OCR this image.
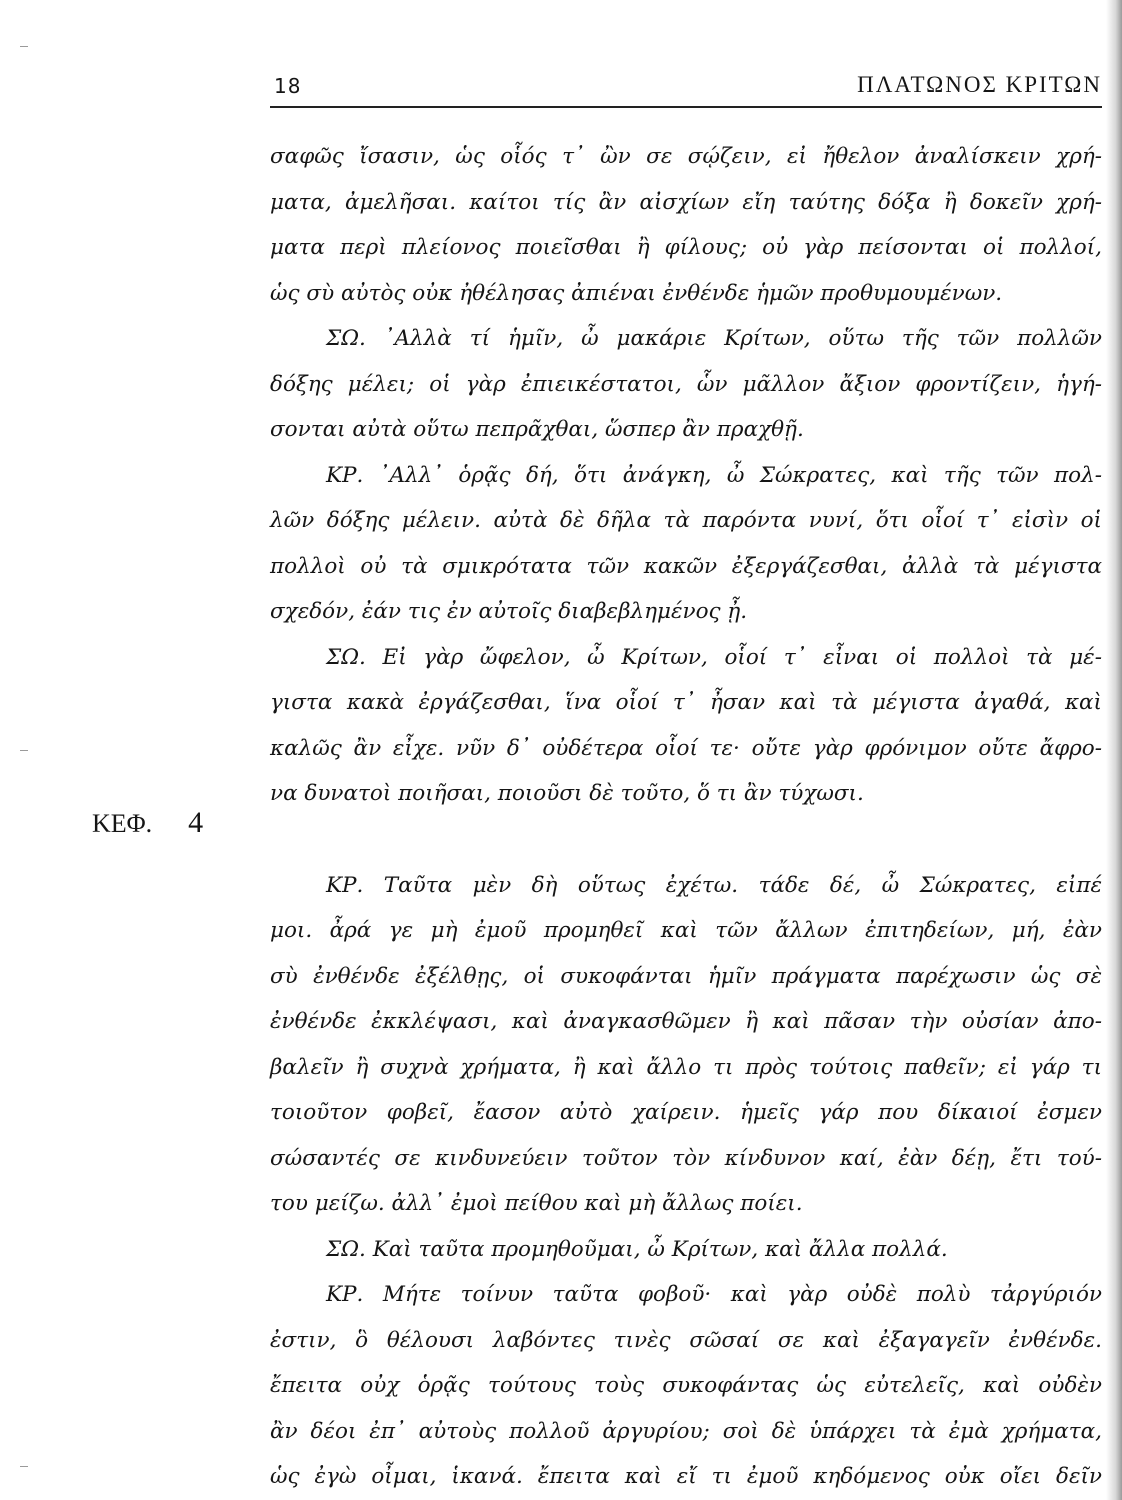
18	ΠΛΑΤΩΝΟΣ ΚΡΙΤΩΝ
ΚΕΦ. 4
σαφῶς ἴσασιν, ὡς οἷός τ᾿ ὢν σε σῴζειν, εἰ ἤθελον ἀναλίσκειν χρή-
ματα, ἀμελῆσαι. καίτοι τίς ἂν αἰσχίων εἴη ταύτης δόξα ἢ δοκεῖν χρή-
ματα περὶ πλείονος ποιεῖσθαι ἢ φίλους; οὐ γὰρ πείσονται οἱ πολλοί,
ὡς σὺ αὐτὸς οὐκ ἠθέλησας ἀπιέναι ἐνθένδε ἡμῶν προθυμουμένων.
ΣΩ. ᾿Αλλὰ τί ἡμῖν, ὦ μακάριε Κρίτων, οὕτω τῆς τῶν πολλῶν
δόξης μέλει; οἱ γὰρ ἐπιεικέστατοι, ὧν μᾶλλον ἄξιον φροντίζειν, ἡγή-
σονται αὐτὰ οὕτω πεπρᾶχθαι, ὥσπερ ἂν πραχθῇ.
ΚΡ. ᾿Αλλ᾿ ὁρᾷς δή, ὅτι ἀνάγκη, ὦ Σώκρατες, καὶ τῆς τῶν πολ-
λῶν δόξης μέλειν. αὐτὰ δὲ δῆλα τὰ παρόντα νυνί, ὅτι οἷοί τ᾿ εἰσὶν οἱ
πολλοὶ οὐ τὰ σμικρότατα τῶν κακῶν ἐξεργάζεσθαι, ἀλλὰ τὰ μέγιστα
σχεδόν, ἐάν τις ἐν αὐτοῖς διαβεβλημένος ᾖ.
ΣΩ. Εἰ γὰρ ὤφελον, ὦ Κρίτων, οἷοί τ᾿ εἶναι οἱ πολλοὶ τὰ μέ-
γιστα κακὰ ἐργάζεσθαι, ἵνα οἷοί τ᾿ ἦσαν καὶ τὰ μέγιστα ἀγαθά, καὶ
καλῶς ἂν εἶχε. νῦν δ᾿ οὐδέτερα οἷοί τε· οὔτε γὰρ φρόνιμον οὔτε ἄφρο-
να δυνατοὶ ποιῆσαι, ποιοῦσι δὲ τοῦτο, ὅ τι ἂν τύχωσι.
ΚΡ. Ταῦτα μὲν δὴ οὕτως ἐχέτω. τάδε δέ, ὦ Σώκρατες, εἰπέ
μοι. ἆρά γε μὴ ἐμοῦ προμηθεῖ καὶ τῶν ἄλλων ἐπιτηδείων, μή, ἐὰν
σὺ ἐνθένδε ἐξέλθῃς, οἱ συκοφάνται ἡμῖν πράγματα παρέχωσιν ὡς σὲ
ἐνθένδε ἐκκλέψασι, καὶ ἀναγκασθῶμεν ἢ καὶ πᾶσαν τὴν οὐσίαν ἀπο-
βαλεῖν ἢ συχνὰ χρήματα, ἢ καὶ ἄλλο τι πρὸς τούτοις παθεῖν; εἰ γάρ τι
τοιοῦτον φοβεῖ, ἔασον αὐτὸ χαίρειν. ἡμεῖς γάρ που δίκαιοί ἐσμεν
σώσαντές σε κινδυνεύειν τοῦτον τὸν κίνδυνον καί, ἐὰν δέῃ, ἔτι τού-
του μείζω. ἀλλ᾿ ἐμοὶ πείθου καὶ μὴ ἄλλως ποίει.
ΣΩ. Καὶ ταῦτα προμηθοῦμαι, ὦ Κρίτων, καὶ ἄλλα πολλά.
ΚΡ. Μήτε τοίνυν ταῦτα φοβοῦ· καὶ γὰρ οὐδὲ πολὺ τἀργύριόν
ἐστιν, ὃ θέλουσι λαβόντες τινὲς σῶσαί σε καὶ ἐξαγαγεῖν ἐνθένδε.
ἔπειτα οὐχ ὁρᾷς τούτους τοὺς συκοφάντας ὡς εὐτελεῖς, καὶ οὐδὲν
ἂν δέοι ἐπ᾿ αὐτοὺς πολλοῦ ἀργυρίου; σοὶ δὲ ὑπάρχει τὰ ἐμὰ χρήματα,
ὡς ἐγὼ οἶμαι, ἱκανά. ἔπειτα καὶ εἴ τι ἐμοῦ κηδόμενος οὐκ οἴει δεῖν
